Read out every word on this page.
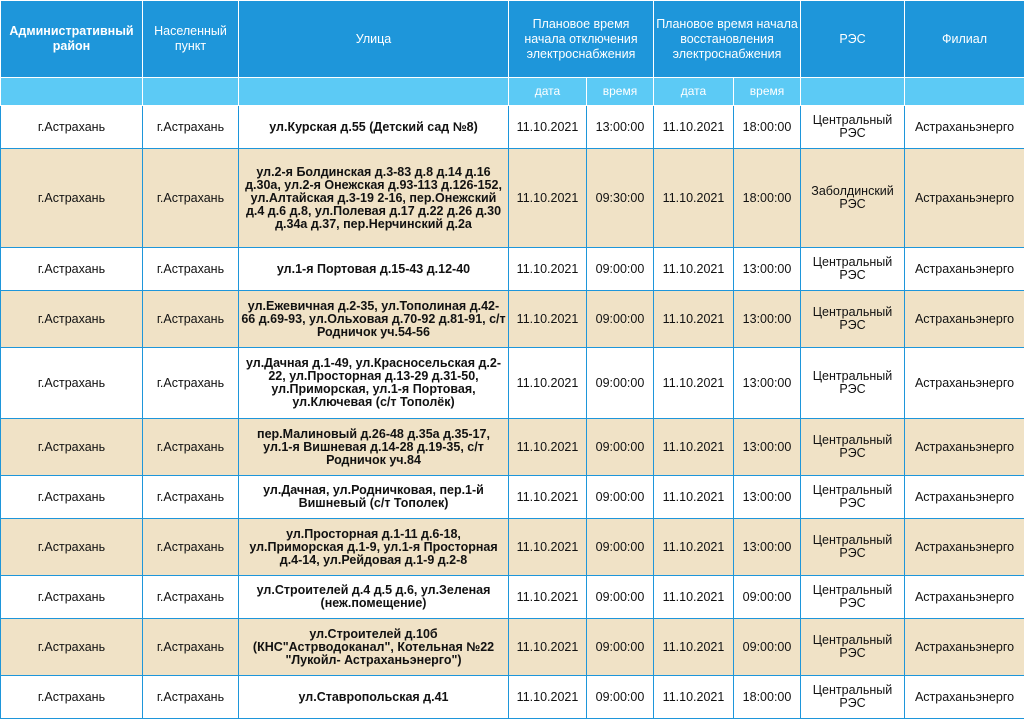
Административный район	Населенный пункт	Улица	Плановое время начала отключения электроснабжения		Плановое время начала восстановления электроснабжения		РЭС	Филиал
			дата	время	дата	время		
г.Астрахань	г.Астрахань	ул.Курская д.55 (Детский сад №8)	11.10.2021	13:00:00	11.10.2021	18:00:00	Центральный РЭС	Астраханьэнерго
г.Астрахань	г.Астрахань	ул.2-я Болдинская д.3-83 д.8 д.14 д.16 д.30а, ул.2-я Онежская д.93-113 д.126-152, ул.Алтайская д.3-19 2-16, пер.Онежский д.4 д.6 д.8, ул.Полевая д.17 д.22 д.26 д.30 д.34а д.37, пер.Нерчинский д.2а	11.10.2021	09:30:00	11.10.2021	18:00:00	Заболдинский РЭС	Астраханьэнерго
г.Астрахань	г.Астрахань	ул.1-я Портовая д.15-43 д.12-40	11.10.2021	09:00:00	11.10.2021	13:00:00	Центральный РЭС	Астраханьэнерго
г.Астрахань	г.Астрахань	ул.Ежевичная д.2-35, ул.Тополиная д.42-66 д.69-93, ул.Ольховая д.70-92 д.81-91, с/т Родничок уч.54-56	11.10.2021	09:00:00	11.10.2021	13:00:00	Центральный РЭС	Астраханьэнерго
г.Астрахань	г.Астрахань	ул.Дачная д.1-49, ул.Красносельская д.2-22, ул.Просторная д.13-29 д.31-50, ул.Приморская, ул.1-я Портовая, ул.Ключевая (с/т Тополёк)	11.10.2021	09:00:00	11.10.2021	13:00:00	Центральный РЭС	Астраханьэнерго
г.Астрахань	г.Астрахань	пер.Малиновый д.26-48 д.35а д.35-17, ул.1-я Вишневая д.14-28 д.19-35, с/т Родничок уч.84	11.10.2021	09:00:00	11.10.2021	13:00:00	Центральный РЭС	Астраханьэнерго
г.Астрахань	г.Астрахань	ул.Дачная, ул.Родничковая, пер.1-й Вишневый (с/т Тополек)	11.10.2021	09:00:00	11.10.2021	13:00:00	Центральный РЭС	Астраханьэнерго
г.Астрахань	г.Астрахань	ул.Просторная д.1-11 д.6-18, ул.Приморская д.1-9, ул.1-я Просторная д.4-14, ул.Рейдовая д.1-9 д.2-8	11.10.2021	09:00:00	11.10.2021	13:00:00	Центральный РЭС	Астраханьэнерго
г.Астрахань	г.Астрахань	ул.Строителей д.4 д.5 д.6, ул.Зеленая (неж.помещение)	11.10.2021	09:00:00	11.10.2021	09:00:00	Центральный РЭС	Астраханьэнерго
г.Астрахань	г.Астрахань	ул.Строителей д.10б (КНС"Астрводоканал", Котельная №22 "Лукойл- Астраханьэнерго")	11.10.2021	09:00:00	11.10.2021	09:00:00	Центральный РЭС	Астраханьэнерго
г.Астрахань	г.Астрахань	ул.Ставропольская д.41	11.10.2021	09:00:00	11.10.2021	18:00:00	Центральный РЭС	Астраханьэнерго
